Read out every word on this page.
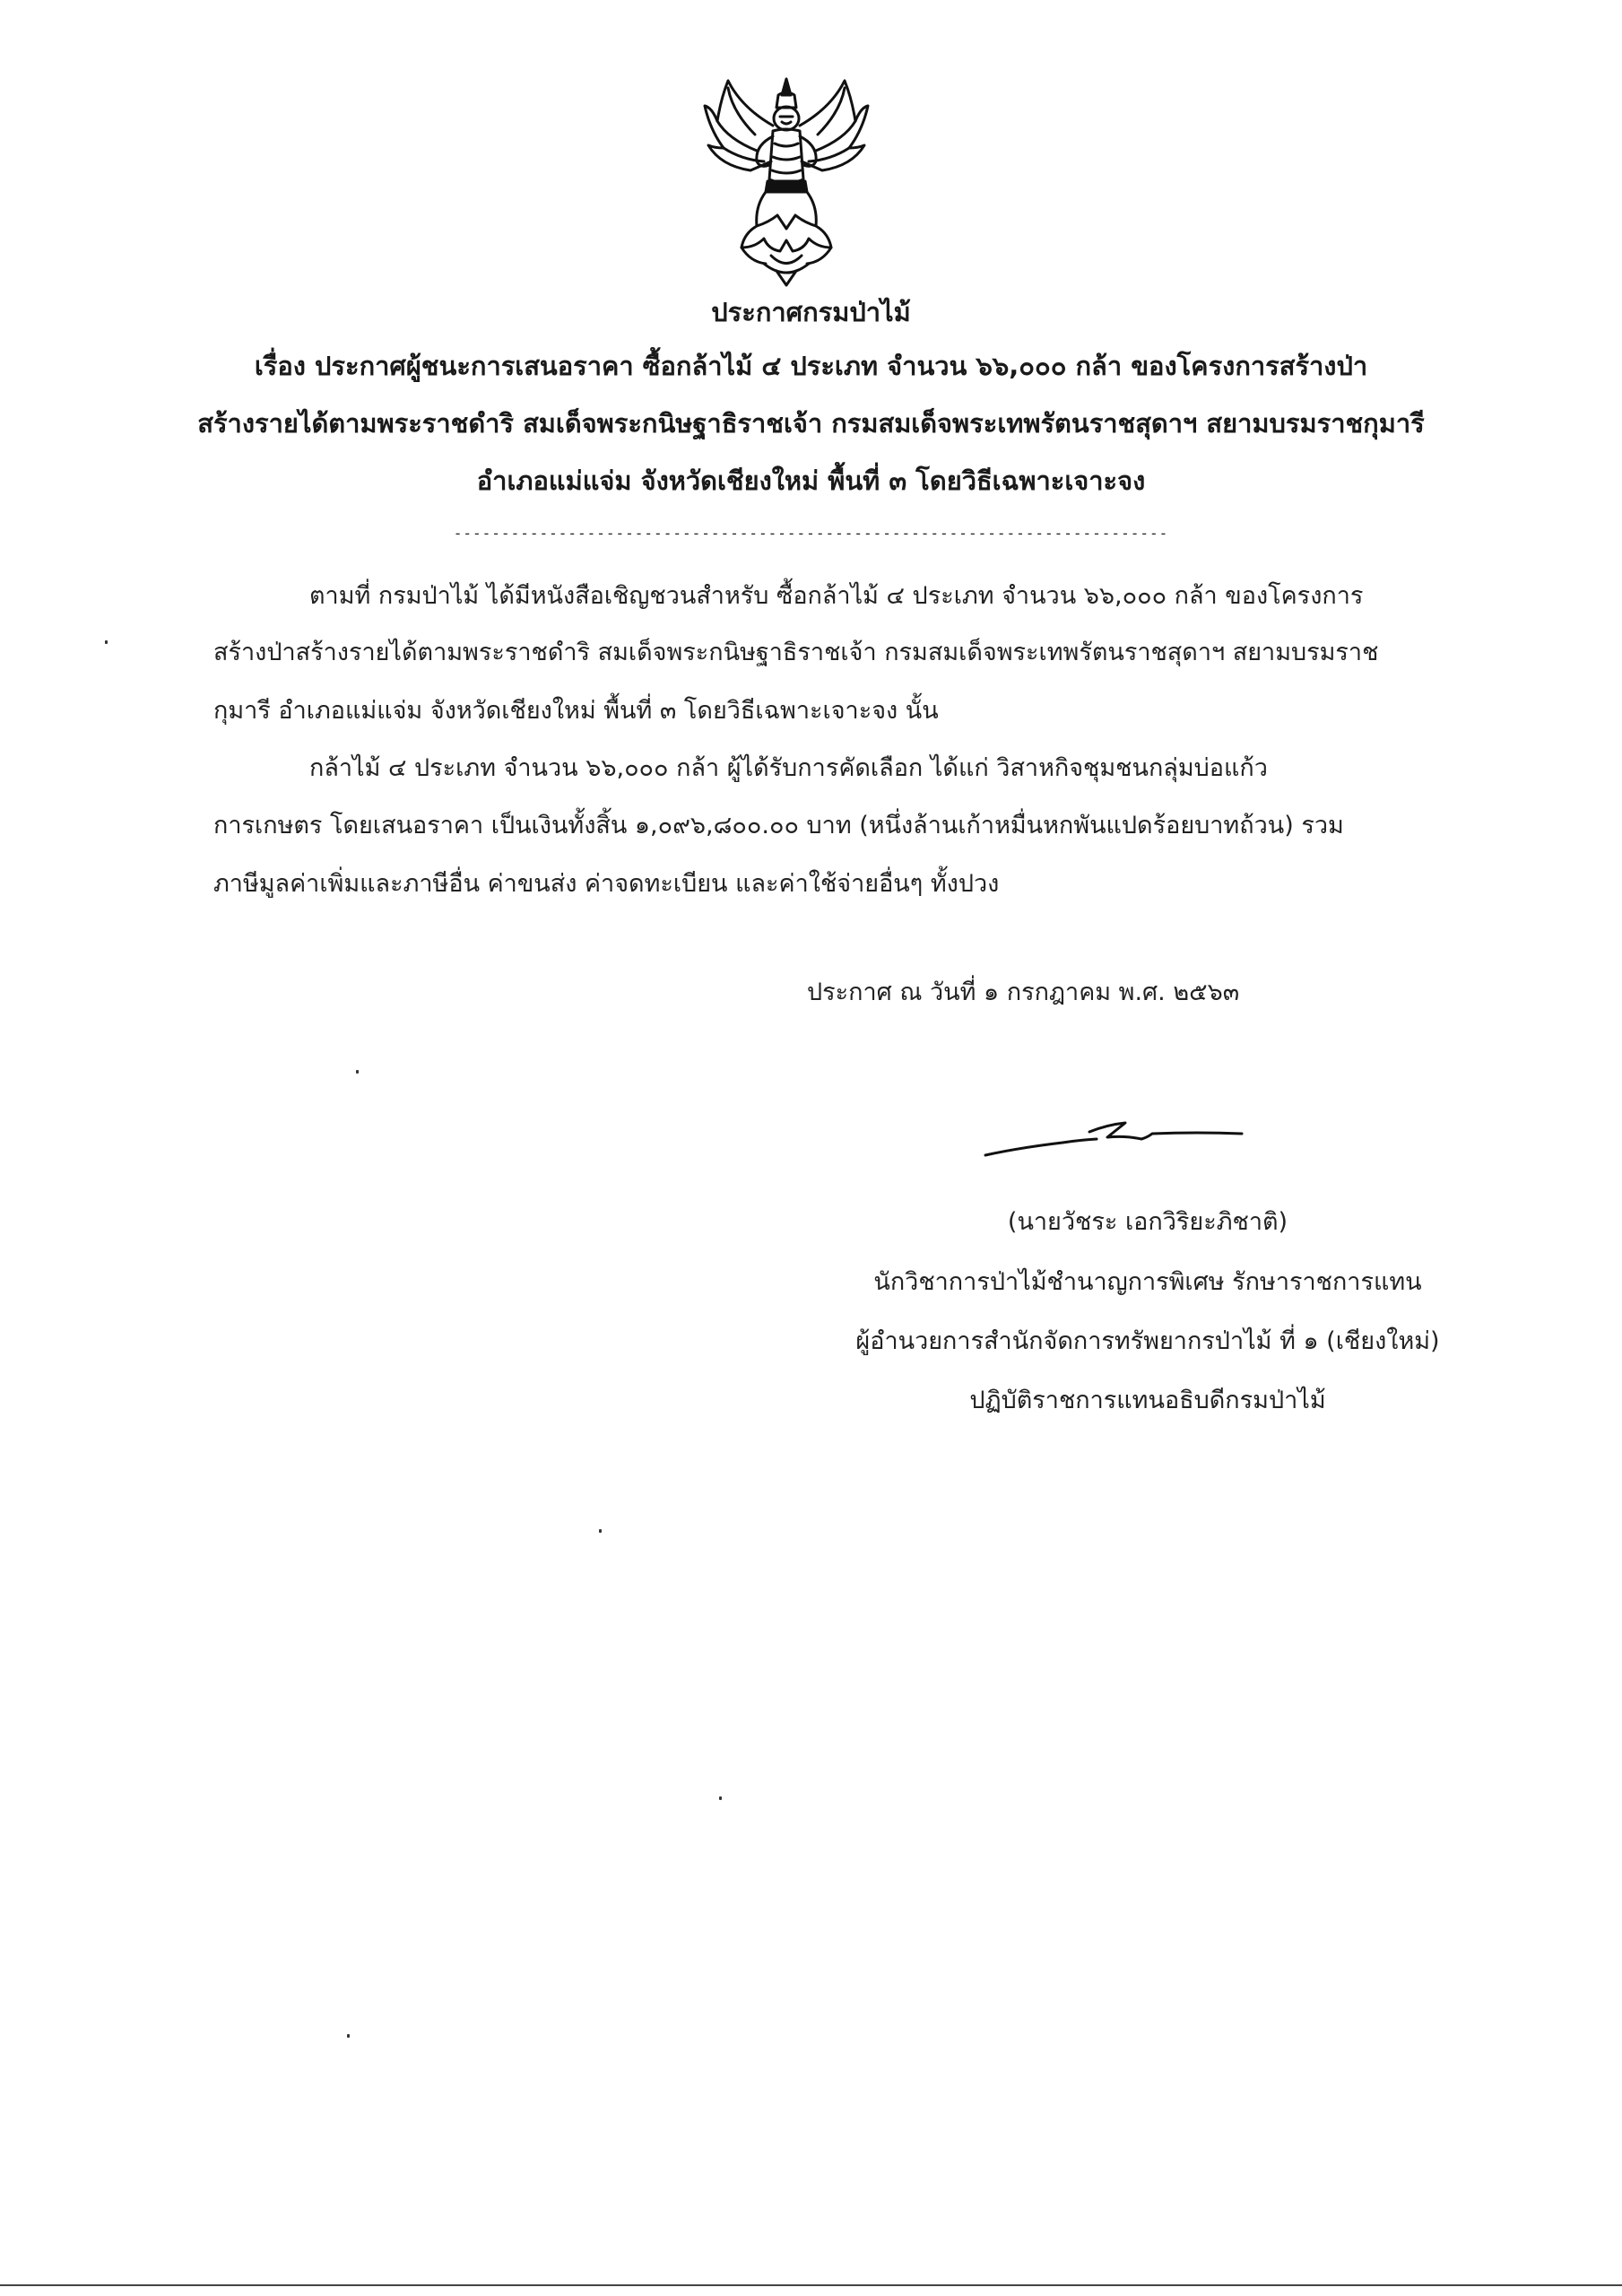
ประกาศกรมป่าไม้
เรื่อง ประกาศผู้ชนะการเสนอราคา ซื้อกล้าไม้ ๔ ประเภท จำนวน ๖๖,๐๐๐ กล้า ของโครงการสร้างป่า
สร้างรายได้ตามพระราชดำริ สมเด็จพระกนิษฐาธิราชเจ้า กรมสมเด็จพระเทพรัตนราชสุดาฯ สยามบรมราชกุมารี
อำเภอแม่แจ่ม จังหวัดเชียงใหม่ พื้นที่ ๓ โดยวิธีเฉพาะเจาะจง
---------------------------------------------------------------------------
ตามที่ กรมป่าไม้ ได้มีหนังสือเชิญชวนสำหรับ ซื้อกล้าไม้ ๔ ประเภท จำนวน ๖๖,๐๐๐ กล้า ของโครงการ
สร้างป่าสร้างรายได้ตามพระราชดำริ สมเด็จพระกนิษฐาธิราชเจ้า กรมสมเด็จพระเทพรัตนราชสุดาฯ สยามบรมราช
กุมารี อำเภอแม่แจ่ม จังหวัดเชียงใหม่ พื้นที่ ๓ โดยวิธีเฉพาะเจาะจง นั้น
กล้าไม้ ๔ ประเภท จำนวน ๖๖,๐๐๐ กล้า ผู้ได้รับการคัดเลือก ได้แก่ วิสาหกิจชุมชนกลุ่มบ่อแก้ว
การเกษตร โดยเสนอราคา เป็นเงินทั้งสิ้น ๑,๐๙๖,๘๐๐.๐๐ บาท (หนึ่งล้านเก้าหมื่นหกพันแปดร้อยบาทถ้วน) รวม
ภาษีมูลค่าเพิ่มและภาษีอื่น ค่าขนส่ง ค่าจดทะเบียน และค่าใช้จ่ายอื่นๆ ทั้งปวง
ประกาศ ณ วันที่ ๑ กรกฎาคม พ.ศ. ๒๕๖๓
(นายวัชระ เอกวิริยะภิชาติ)
นักวิชาการป่าไม้ชำนาญการพิเศษ รักษาราชการแทน
ผู้อำนวยการสำนักจัดการทรัพยากรป่าไม้ ที่ ๑ (เชียงใหม่)
ปฏิบัติราชการแทนอธิบดีกรมป่าไม้
